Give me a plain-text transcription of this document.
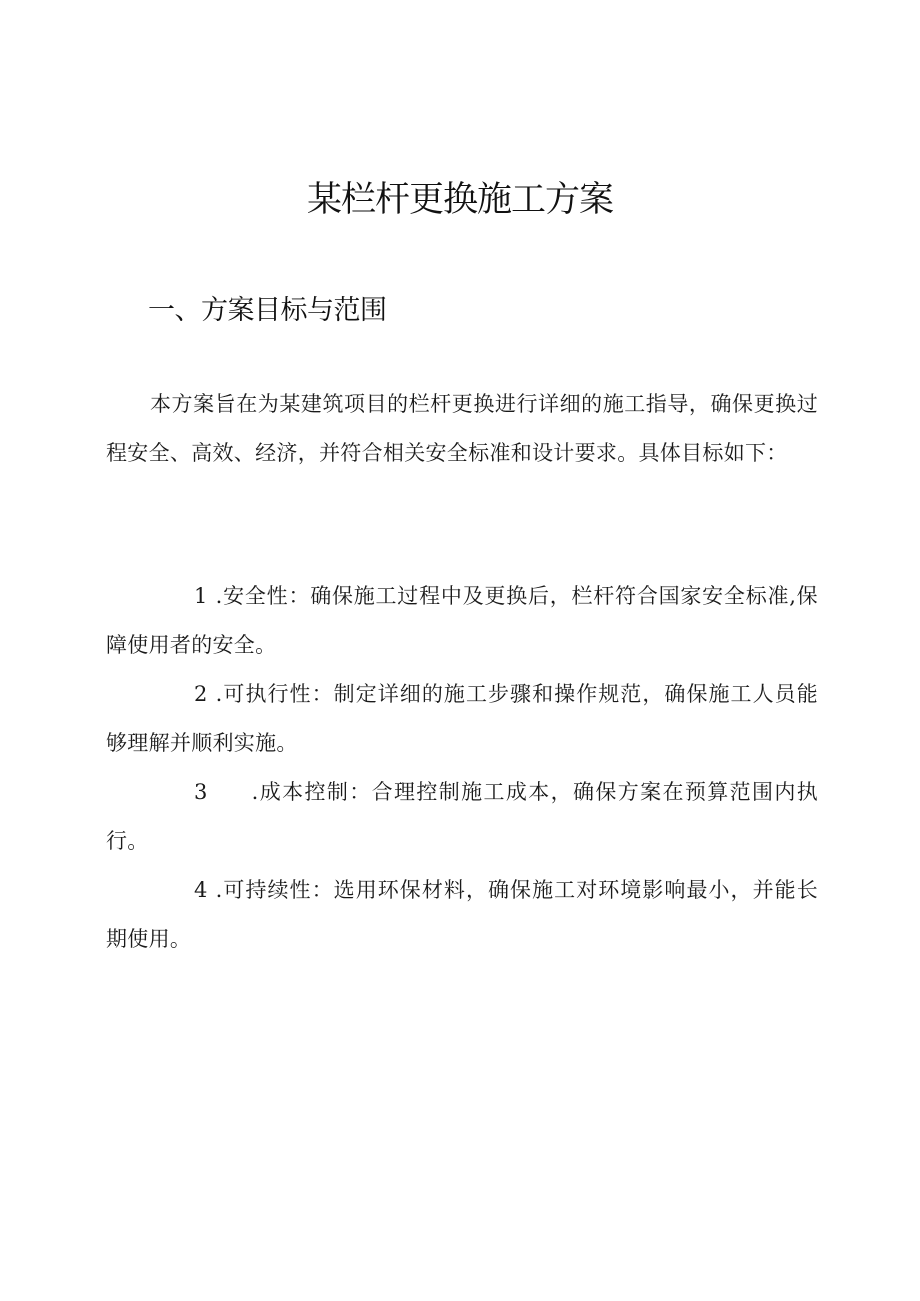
某栏杆更换施工方案
一、方案目标与范围

本方案旨在为某建筑项目的栏杆更换进行详细的施工指导，确保更换过程安全、高效、经济，并符合相关安全标准和设计要求。具体目标如下：

1 .安全性：确保施工过程中及更换后，栏杆符合国家安全标准,保障使用者的安全。

2 .可执行性：制定详细的施工步骤和操作规范，确保施工人员能够理解并顺利实施。

3 .成本控制：合理控制施工成本，确保方案在预算范围内执行。

4 .可持续性：选用环保材料，确保施工对环境影响最小，并能长期使用。
